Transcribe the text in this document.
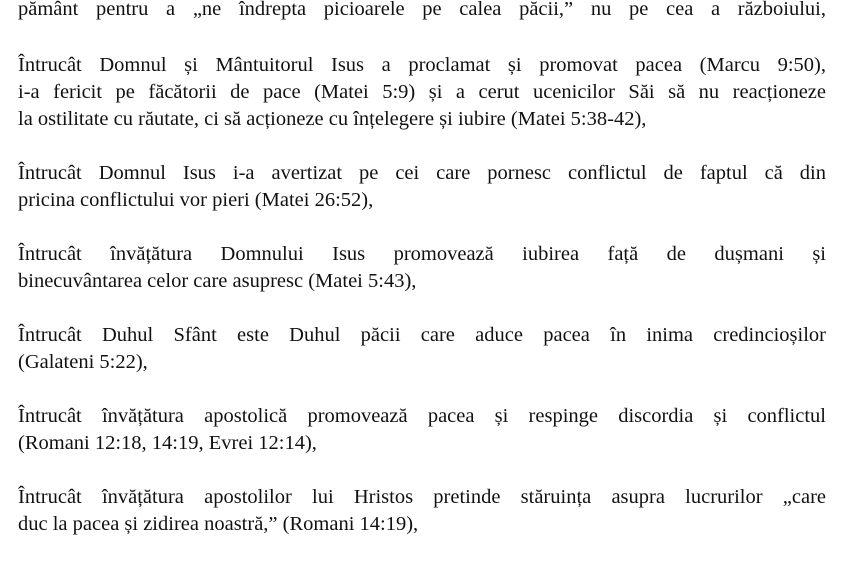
pământ pentru a „ne îndrepta picioarele pe calea păcii,” nu pe cea a războiului,
Întrucât Domnul și Mântuitorul Isus a proclamat și promovat pacea (Marcu 9:50),
i-a fericit pe făcătorii de pace (Matei 5:9) și a cerut ucenicilor Săi să nu reacționeze
la ostilitate cu răutate, ci să acționeze cu înțelegere și iubire (Matei 5:38-42),
Întrucât Domnul Isus i-a avertizat pe cei care pornesc conflictul de faptul că din
pricina conflictului vor pieri (Matei 26:52),
Întrucât învățătura Domnului Isus promovează iubirea față de dușmani și
binecuvântarea celor care asupresc (Matei 5:43),
Întrucât Duhul Sfânt este Duhul păcii care aduce pacea în inima credincioșilor
(Galateni 5:22),
Întrucât învățătura apostolică promovează pacea și respinge discordia și conflictul
(Romani 12:18, 14:19, Evrei 12:14),
Întrucât învățătura apostolilor lui Hristos pretinde stăruința asupra lucrurilor „care
duc la pacea și zidirea noastră,” (Romani 14:19),
